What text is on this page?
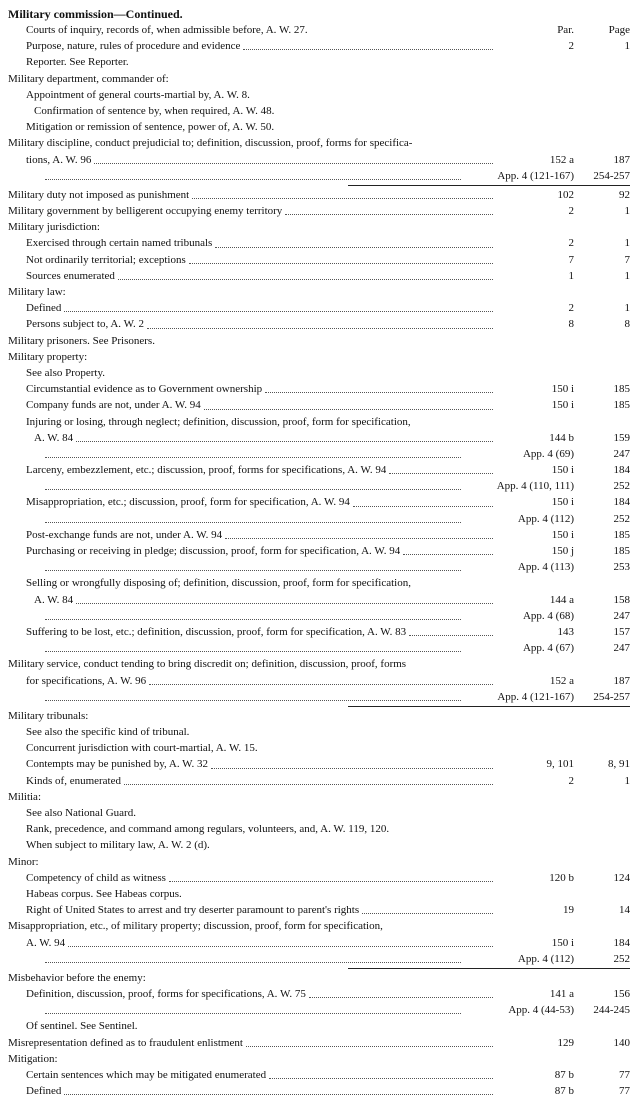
Military commission—Continued.
Par.	Page
Courts of inquiry, records of, when admissible before, A. W. 27.
Purpose, nature, rules of procedure and evidence	2	1
Reporter. See Reporter.
Military department, commander of:
Appointment of general courts-martial by, A. W. 8.
Confirmation of sentence by, when required, A. W. 48.
Mitigation or remission of sentence, power of, A. W. 50.
Military discipline, conduct prejudicial to; definition, discussion, proof, forms for specifica-
tions, A. W. 96	152 a	187
App. 4 (121-167)	254-257
Military duty not imposed as punishment	102	92
Military government by belligerent occupying enemy territory	2	1
Military jurisdiction:
Exercised through certain named tribunals	2	1
Not ordinarily territorial; exceptions	7	7
Sources enumerated	1	1
Military law:
Defined	2	1
Persons subject to, A. W. 2	8	8
Military prisoners. See Prisoners.
Military property:
See also Property.
Circumstantial evidence as to Government ownership	150 i	185
Company funds are not, under A. W. 94	150 i	185
Injuring or losing, through neglect; definition, discussion, proof, form for specification,
A. W. 84	144 b	159
App. 4 (69)	247
Larceny, embezzlement, etc.; discussion, proof, forms for specifications, A. W. 94	150 i	184
App. 4 (110, 111)	252
Misappropriation, etc.; discussion, proof, form for specification, A. W. 94	150 i	184
App. 4 (112)	252
Post-exchange funds are not, under A. W. 94	150 i	185
Purchasing or receiving in pledge; discussion, proof, form for specification, A. W. 94	150 j	185
App. 4 (113)	253
Selling or wrongfully disposing of; definition, discussion, proof, form for specification,
A. W. 84	144 a	158
App. 4 (68)	247
Suffering to be lost, etc.; definition, discussion, proof, form for specification, A. W. 83	143	157
App. 4 (67)	247
Military service, conduct tending to bring discredit on; definition, discussion, proof, forms
for specifications, A. W. 96	152 a	187
App. 4 (121-167)	254-257
Military tribunals:
See also the specific kind of tribunal.
Concurrent jurisdiction with court-martial, A. W. 15.
Contempts may be punished by, A. W. 32	9, 101	8, 91
Kinds of, enumerated	2	1
Militia:
See also National Guard.
Rank, precedence, and command among regulars, volunteers, and, A. W. 119, 120.
When subject to military law, A. W. 2 (d).
Minor:
Competency of child as witness	120 b	124
Habeas corpus. See Habeas corpus.
Right of United States to arrest and try deserter paramount to parent's rights	19	14
Misappropriation, etc., of military property; discussion, proof, form for specification,
A. W. 94	150 i	184
App. 4 (112)	252
Misbehavior before the enemy:
Definition, discussion, proof, forms for specifications, A. W. 75	141 a	156
App. 4 (44-53)	244-245
Of sentinel. See Sentinel.
Misrepresentation defined as to fraudulent enlistment	129	140
Mitigation:
Certain sentences which may be mitigated enumerated	87 b	77
Defined	87 b	77
